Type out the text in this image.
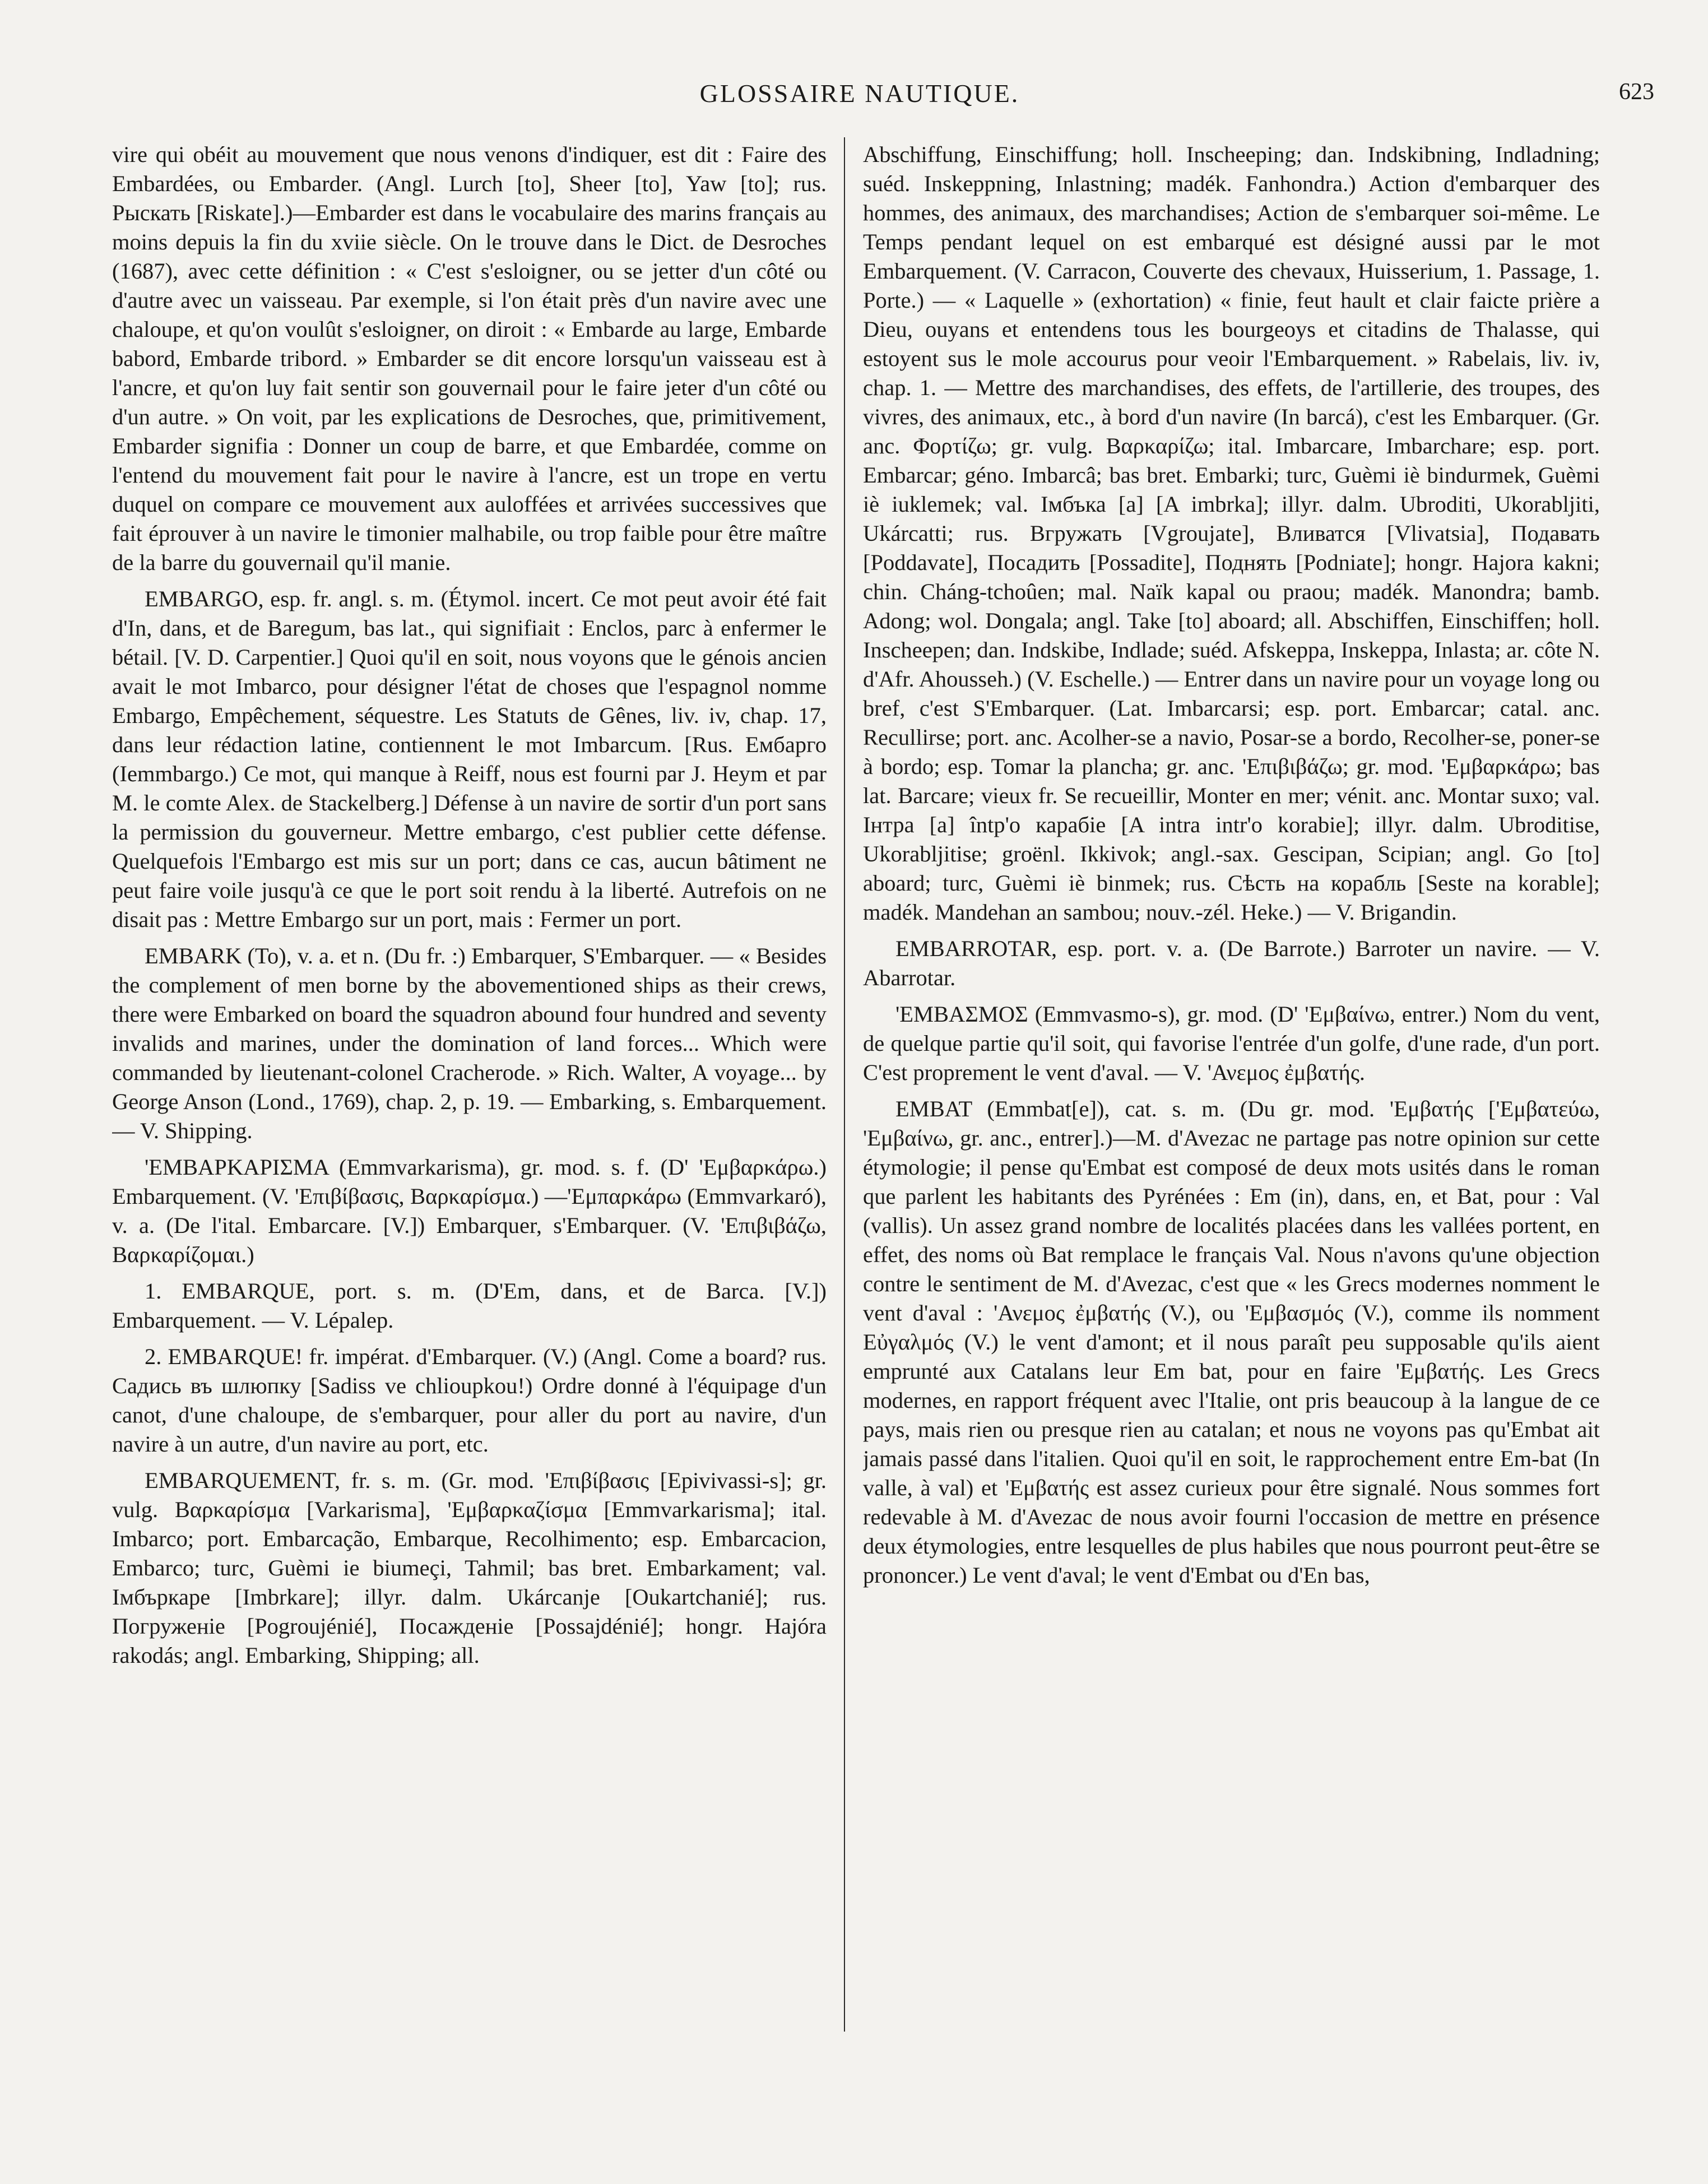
GLOSSAIRE NAUTIQUE.	623

vire qui obéit au mouvement que nous venons d'indiquer, est dit : Faire des Embardées, ou Embarder. (Angl. Lurch [to], Sheer [to], Yaw [to]; rus. Рыскать [Riskate].)—Embarder est dans le vocabulaire des marins français au moins depuis la fin du xviie siècle. On le trouve dans le Dict. de Desroches (1687), avec cette définition : « C'est s'esloigner, ou se jetter d'un côté ou d'autre avec un vaisseau. Par exemple, si l'on était près d'un navire avec une chaloupe, et qu'on voulût s'esloigner, on diroit : « Embarde au large, Embarde babord, Embarde tribord. » Embarder se dit encore lorsqu'un vaisseau est à l'ancre, et qu'on luy fait sentir son gouvernail pour le faire jeter d'un côté ou d'un autre. » On voit, par les explications de Desroches, que, primitivement, Embarder signifia : Donner un coup de barre, et que Embardée, comme on l'entend du mouvement fait pour le navire à l'ancre, est un trope en vertu duquel on compare ce mouvement aux auloffées et arrivées successives que fait éprouver à un navire le timonier malhabile, ou trop faible pour être maître de la barre du gouvernail qu'il manie.

EMBARGO, esp. fr. angl. s. m. (Étymol. incert. Ce mot peut avoir été fait d'In, dans, et de Baregum, bas lat., qui signifiait : Enclos, parc à enfermer le bétail. [V. D. Carpentier.] Quoi qu'il en soit, nous voyons que le génois ancien avait le mot Imbarco, pour désigner l'état de choses que l'espagnol nomme Embargo, Empêchement, séquestre. Les Statuts de Gênes, liv. iv, chap. 17, dans leur rédaction latine, contiennent le mot Imbarcum. [Rus. Ембарго (Iemmbargo.) Ce mot, qui manque à Reiff, nous est fourni par J. Heym et par M. le comte Alex. de Stackelberg.] Défense à un navire de sortir d'un port sans la permission du gouverneur. Mettre embargo, c'est publier cette défense. Quelquefois l'Embargo est mis sur un port; dans ce cas, aucun bâtiment ne peut faire voile jusqu'à ce que le port soit rendu à la liberté. Autrefois on ne disait pas : Mettre Embargo sur un port, mais : Fermer un port.

EMBARK (To), v. a. et n. (Du fr. :) Embarquer, S'Embarquer. — « Besides the complement of men borne by the abovementioned ships as their crews, there were Embarked on board the squadron abound four hundred and seventy invalids and marines, under the domination of land forces... Which were commanded by lieutenant-colonel Cracherode. » Rich. Walter, A voyage... by George Anson (Lond., 1769), chap. 2, p. 19. — Embarking, s. Embarquement. — V. Shipping.

'ΕΜΒΑΡΚΑΡΙΣΜΑ (Emmvarkarisma), gr. mod. s. f. (D' 'Εμβαρκάρω.) Embarquement. (V. 'Επιβίβασις, Βαρκαρίσμα.) —'Εμπαρκάρω (Emmvarkaró), v. a. (De l'ital. Embarcare. [V.]) Embarquer, s'Embarquer. (V. 'Επιβιβάζω, Βαρκαρίζομαι.)

1. EMBARQUE, port. s. m. (D'Em, dans, et de Barca. [V.]) Embarquement. — V. Lépalep.

2. EMBARQUE! fr. impérat. d'Embarquer. (V.) (Angl. Come a board? rus. Садись въ шлюпку [Sadiss ve chlioupkou!) Ordre donné à l'équipage d'un canot, d'une chaloupe, de s'embarquer, pour aller du port au navire, d'un navire à un autre, d'un navire au port, etc.

EMBARQUEMENT, fr. s. m. (Gr. mod. 'Επιβίβασις [Epivivassi-s]; gr. vulg. Βαρκαρίσμα [Varkarisma], 'Εμβαρκαζίσμα [Emmvarkarisma]; ital. Imbarco; port. Embarcação, Embarque, Recolhimento; esp. Embarcacion, Embarco; turc, Guèmi ie biumeçi, Tahmil; bas bret. Embarkament; val. Імбъркаре [Imbrkare]; illyr. dalm. Ukárcanje [Oukartchanié]; rus. Погруженіе [Pogroujénié], Посажденіе [Possajdénié]; hongr. Hajóra rakodás; angl. Embarking, Shipping; all.

Abschiffung, Einschiffung; holl. Inscheeping; dan. Indskibning, Indladning; suéd. Inskeppning, Inlastning; madék. Fanhondra.) Action d'embarquer des hommes, des animaux, des marchandises; Action de s'embarquer soi-même. Le Temps pendant lequel on est embarqué est désigné aussi par le mot Embarquement. (V. Carracon, Couverte des chevaux, Huisserium, 1. Passage, 1. Porte.) — « Laquelle » (exhortation) « finie, feut hault et clair faicte prière a Dieu, ouyans et entendens tous les bourgeoys et citadins de Thalasse, qui estoyent sus le mole accourus pour veoir l'Embarquement. » Rabelais, liv. iv, chap. 1. — Mettre des marchandises, des effets, de l'artillerie, des troupes, des vivres, des animaux, etc., à bord d'un navire (In barcá), c'est les Embarquer. (Gr. anc. Φορτίζω; gr. vulg. Βαρκαρίζω; ital. Imbarcare, Imbarchare; esp. port. Embarcar; géno. Imbarcâ; bas bret. Embarki; turc, Guèmi iè bindurmek, Guèmi iè iuklemek; val. Імбъка [a] [A imbrka]; illyr. dalm. Ubroditi, Ukorabljiti, Ukárcatti; rus. Вгружать [Vgroujate], Вливатся [Vlivatsia], Подавать [Poddavate], Посадить [Possadite], Поднять [Podniate]; hongr. Hajora kakni; chin. Cháng-tchoûen; mal. Naïk kapal ou praou; madék. Manondra; bamb. Adong; wol. Dongala; angl. Take [to] aboard; all. Abschiffen, Einschiffen; holl. Inscheepen; dan. Indskibe, Indlade; suéd. Afskeppa, Inskeppa, Inlasta; ar. côte N. d'Afr. Ahousseh.) (V. Eschelle.) — Entrer dans un navire pour un voyage long ou bref, c'est S'Embarquer. (Lat. Imbarcarsi; esp. port. Embarcar; catal. anc. Recullirse; port. anc. Acolher-se a navio, Posar-se a bordo, Recolher-se, poner-se à bordo; esp. Tomar la plancha; gr. anc. 'Επιβιβάζω; gr. mod. 'Εμβαρκάρω; bas lat. Barcare; vieux fr. Se recueillir, Monter en mer; vénit. anc. Montar suxo; val. Інтра [a] întp'o карабіе [A intra intr'o korabie]; illyr. dalm. Ubroditise, Ukorabljitise; groënl. Ikkivok; angl.-sax. Gescipan, Scipian; angl. Go [to] aboard; turc, Guèmi iè binmek; rus. Сѣсть на корабль [Seste na korable]; madék. Mandehan an sambou; nouv.-zél. Heke.) — V. Brigandin.

EMBARROTAR, esp. port. v. a. (De Barrote.) Barroter un navire. — V. Abarrotar.

'ΕΜΒΑΣΜΟΣ (Emmvasmo-s), gr. mod. (D' 'Εμβαίνω, entrer.) Nom du vent, de quelque partie qu'il soit, qui favorise l'entrée d'un golfe, d'une rade, d'un port. C'est proprement le vent d'aval. — V. 'Ανεμος ἐμβατής.

EMBAT (Emmbat[e]), cat. s. m. (Du gr. mod. 'Εμβατής ['Εμβατεύω, 'Εμβαίνω, gr. anc., entrer].)—M. d'Avezac ne partage pas notre opinion sur cette étymologie; il pense qu'Embat est composé de deux mots usités dans le roman que parlent les habitants des Pyrénées : Em (in), dans, en, et Bat, pour : Val (vallis). Un assez grand nombre de localités placées dans les vallées portent, en effet, des noms où Bat remplace le français Val. Nous n'avons qu'une objection contre le sentiment de M. d'Avezac, c'est que « les Grecs modernes nomment le vent d'aval : 'Ανεμος ἐμβατής (V.), ou 'Εμβασμός (V.), comme ils nomment Εὐγαλμός (V.) le vent d'amont; et il nous paraît peu supposable qu'ils aient emprunté aux Catalans leur Em bat, pour en faire 'Εμβατής. Les Grecs modernes, en rapport fréquent avec l'Italie, ont pris beaucoup à la langue de ce pays, mais rien ou presque rien au catalan; et nous ne voyons pas qu'Embat ait jamais passé dans l'italien. Quoi qu'il en soit, le rapprochement entre Em-bat (In valle, à val) et 'Εμβατής est assez curieux pour être signalé. Nous sommes fort redevable à M. d'Avezac de nous avoir fourni l'occasion de mettre en présence deux étymologies, entre lesquelles de plus habiles que nous pourront peut-être se prononcer.) Le vent d'aval; le vent d'Embat ou d'En bas,
